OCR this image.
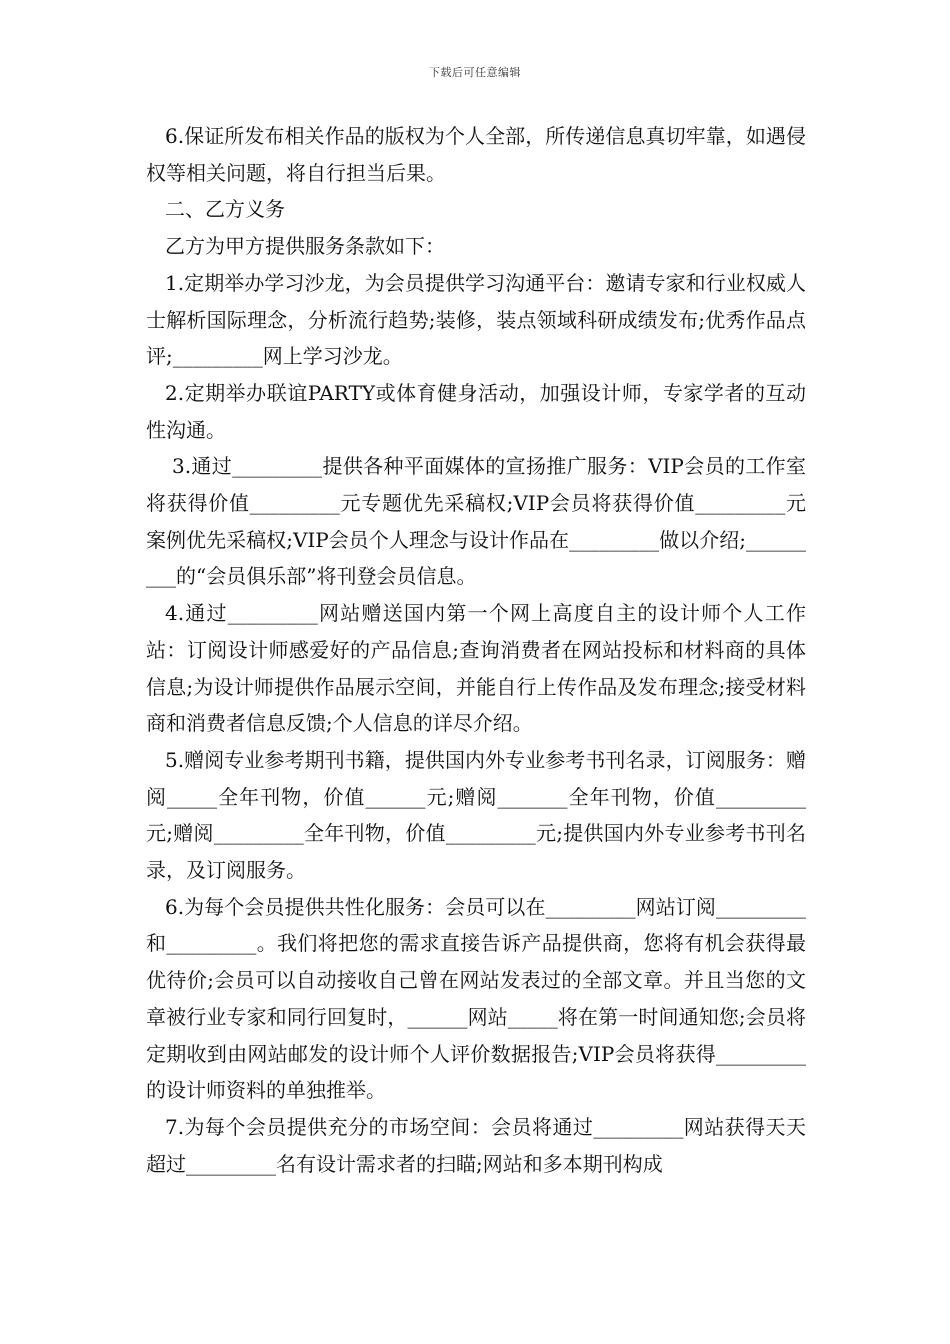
下载后可任意编辑

6.保证所发布相关作品的版权为个人全部，所传递信息真切牢靠，如遇侵权等相关问题，将自行担当后果。

二、乙方义务

乙方为甲方提供服务条款如下：

1.定期举办学习沙龙，为会员提供学习沟通平台：邀请专家和行业权威人士解析国际理念，分析流行趋势;装修，装点领域科研成绩发布;优秀作品点评;_________网上学习沙龙。

2.定期举办联谊PARTY或体育健身活动，加强设计师，专家学者的互动性沟通。

3.通过_________提供各种平面媒体的宣扬推广服务：VIP会员的工作室将获得价值_________元专题优先采稿权;VIP会员将获得价值_________元案例优先采稿权;VIP会员个人理念与设计作品在_________做以介绍;_________的“会员俱乐部”将刊登会员信息。

4.通过_________网站赠送国内第一个网上高度自主的设计师个人工作站：订阅设计师感爱好的产品信息;查询消费者在网站投标和材料商的具体信息;为设计师提供作品展示空间，并能自行上传作品及发布理念;接受材料商和消费者信息反馈;个人信息的详尽介绍。

5.赠阅专业参考期刊书籍，提供国内外专业参考书刊名录，订阅服务：赠阅_____全年刊物，价值______元;赠阅_______全年刊物，价值_________元;赠阅_________全年刊物，价值_________元;提供国内外专业参考书刊名录，及订阅服务。

6.为每个会员提供共性化服务：会员可以在_________网站订阅_________和_________。我们将把您的需求直接告诉产品提供商，您将有机会获得最优待价;会员可以自动接收自己曾在网站发表过的全部文章。并且当您的文章被行业专家和同行回复时，______网站_____将在第一时间通知您;会员将定期收到由网站邮发的设计师个人评价数据报告;VIP会员将获得_________的设计师资料的单独推举。

7.为每个会员提供充分的市场空间：会员将通过_________网站获得天天超过_________名有设计需求者的扫瞄;网站和多本期刊构成
